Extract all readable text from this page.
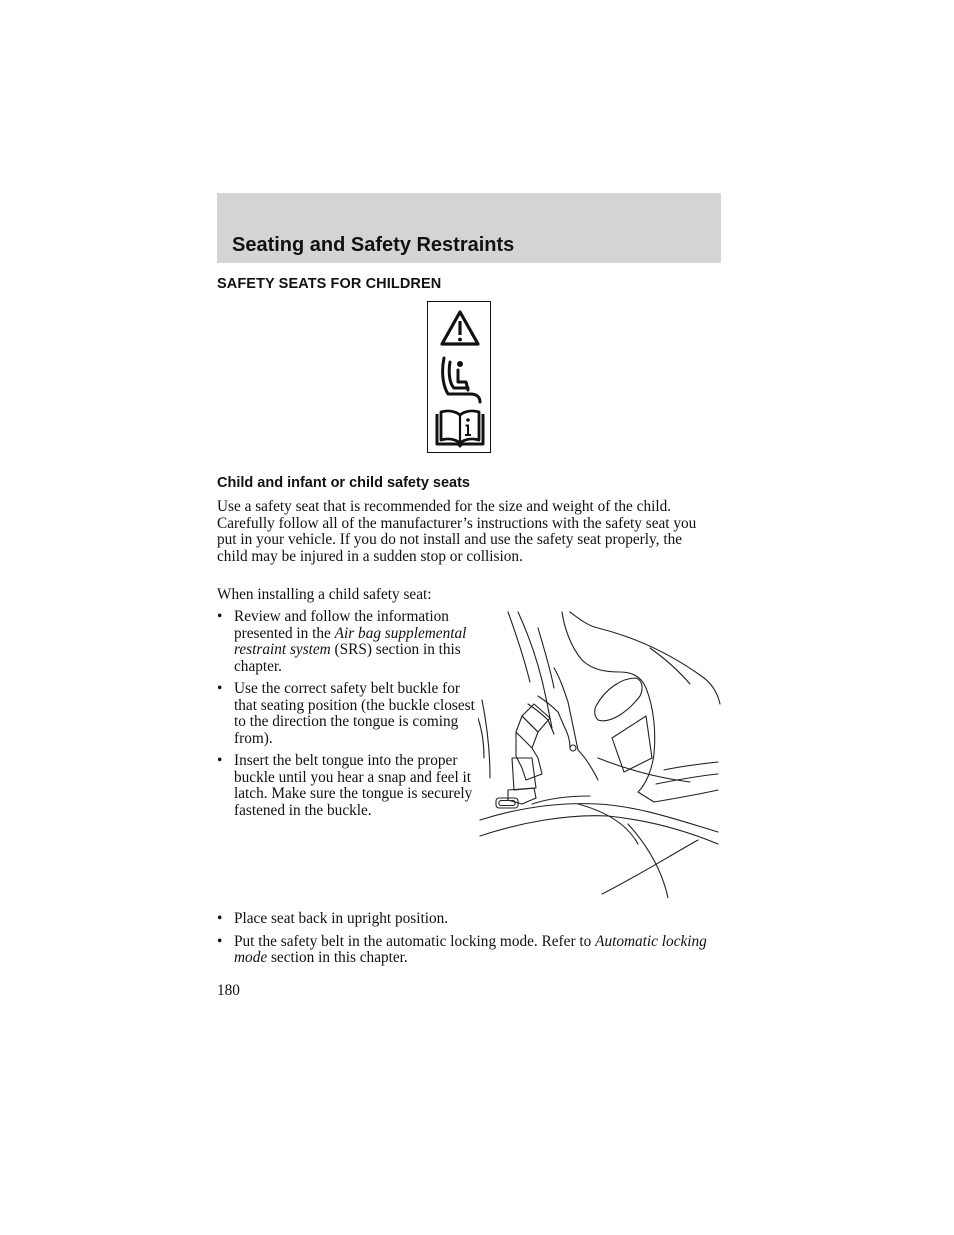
Seating and Safety Restraints
SAFETY SEATS FOR CHILDREN
Child and infant or child safety seats

Use a safety seat that is recommended for the size and weight of the child. Carefully follow all of the manufacturer’s instructions with the safety seat you put in your vehicle. If you do not install and use the safety seat properly, the child may be injured in a sudden stop or collision.

When installing a child safety seat:

• Review and follow the information presented in the Air bag supplemental restraint system (SRS) section in this chapter.
• Use the correct safety belt buckle for that seating position (the buckle closest to the direction the tongue is coming from).
• Insert the belt tongue into the proper buckle until you hear a snap and feel it latch. Make sure the tongue is securely fastened in the buckle.
• Place seat back in upright position.
• Put the safety belt in the automatic locking mode. Refer to Automatic locking mode section in this chapter.

180
